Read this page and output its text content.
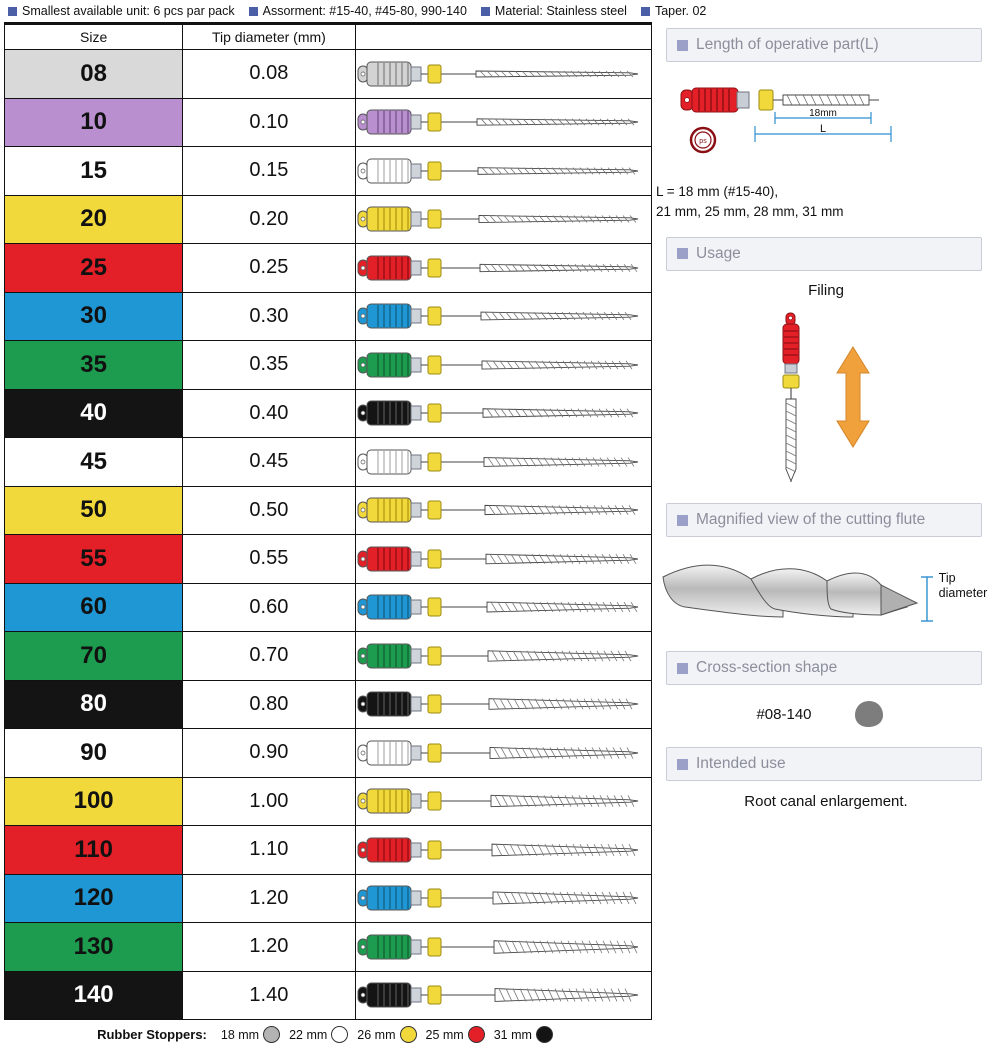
Smallest available unit: 6 pcs par pack Assorment: #15-40, #45-80, 990-140 Material: Stainless steel Taper. 02
Size	Tip diameter (mm)	
08	0.08	

10	0.10	

15	0.15	

20	0.20	

25	0.25	

30	0.30	

35	0.35	

40	0.40	

45	0.45	

50	0.50	

55	0.55	

60	0.60	

70	0.70	

80	0.80	

90	0.90	

100	1.00	

110	1.10	

120	1.20	

130	1.20	

140	1.40	
Rubber Stoppers: 18 mm 22 mm 26 mm 25 mm 31 mm
Length of operative part(L)
18mm
L
ps
L = 18 mm (#15-40),
21 mm, 25 mm, 28 mm, 31 mm
Usage
Filing
Magnified view of the cutting flute
Tip
diameter
Cross-section shape
#08-140
Intended use
Root canal enlargement.
